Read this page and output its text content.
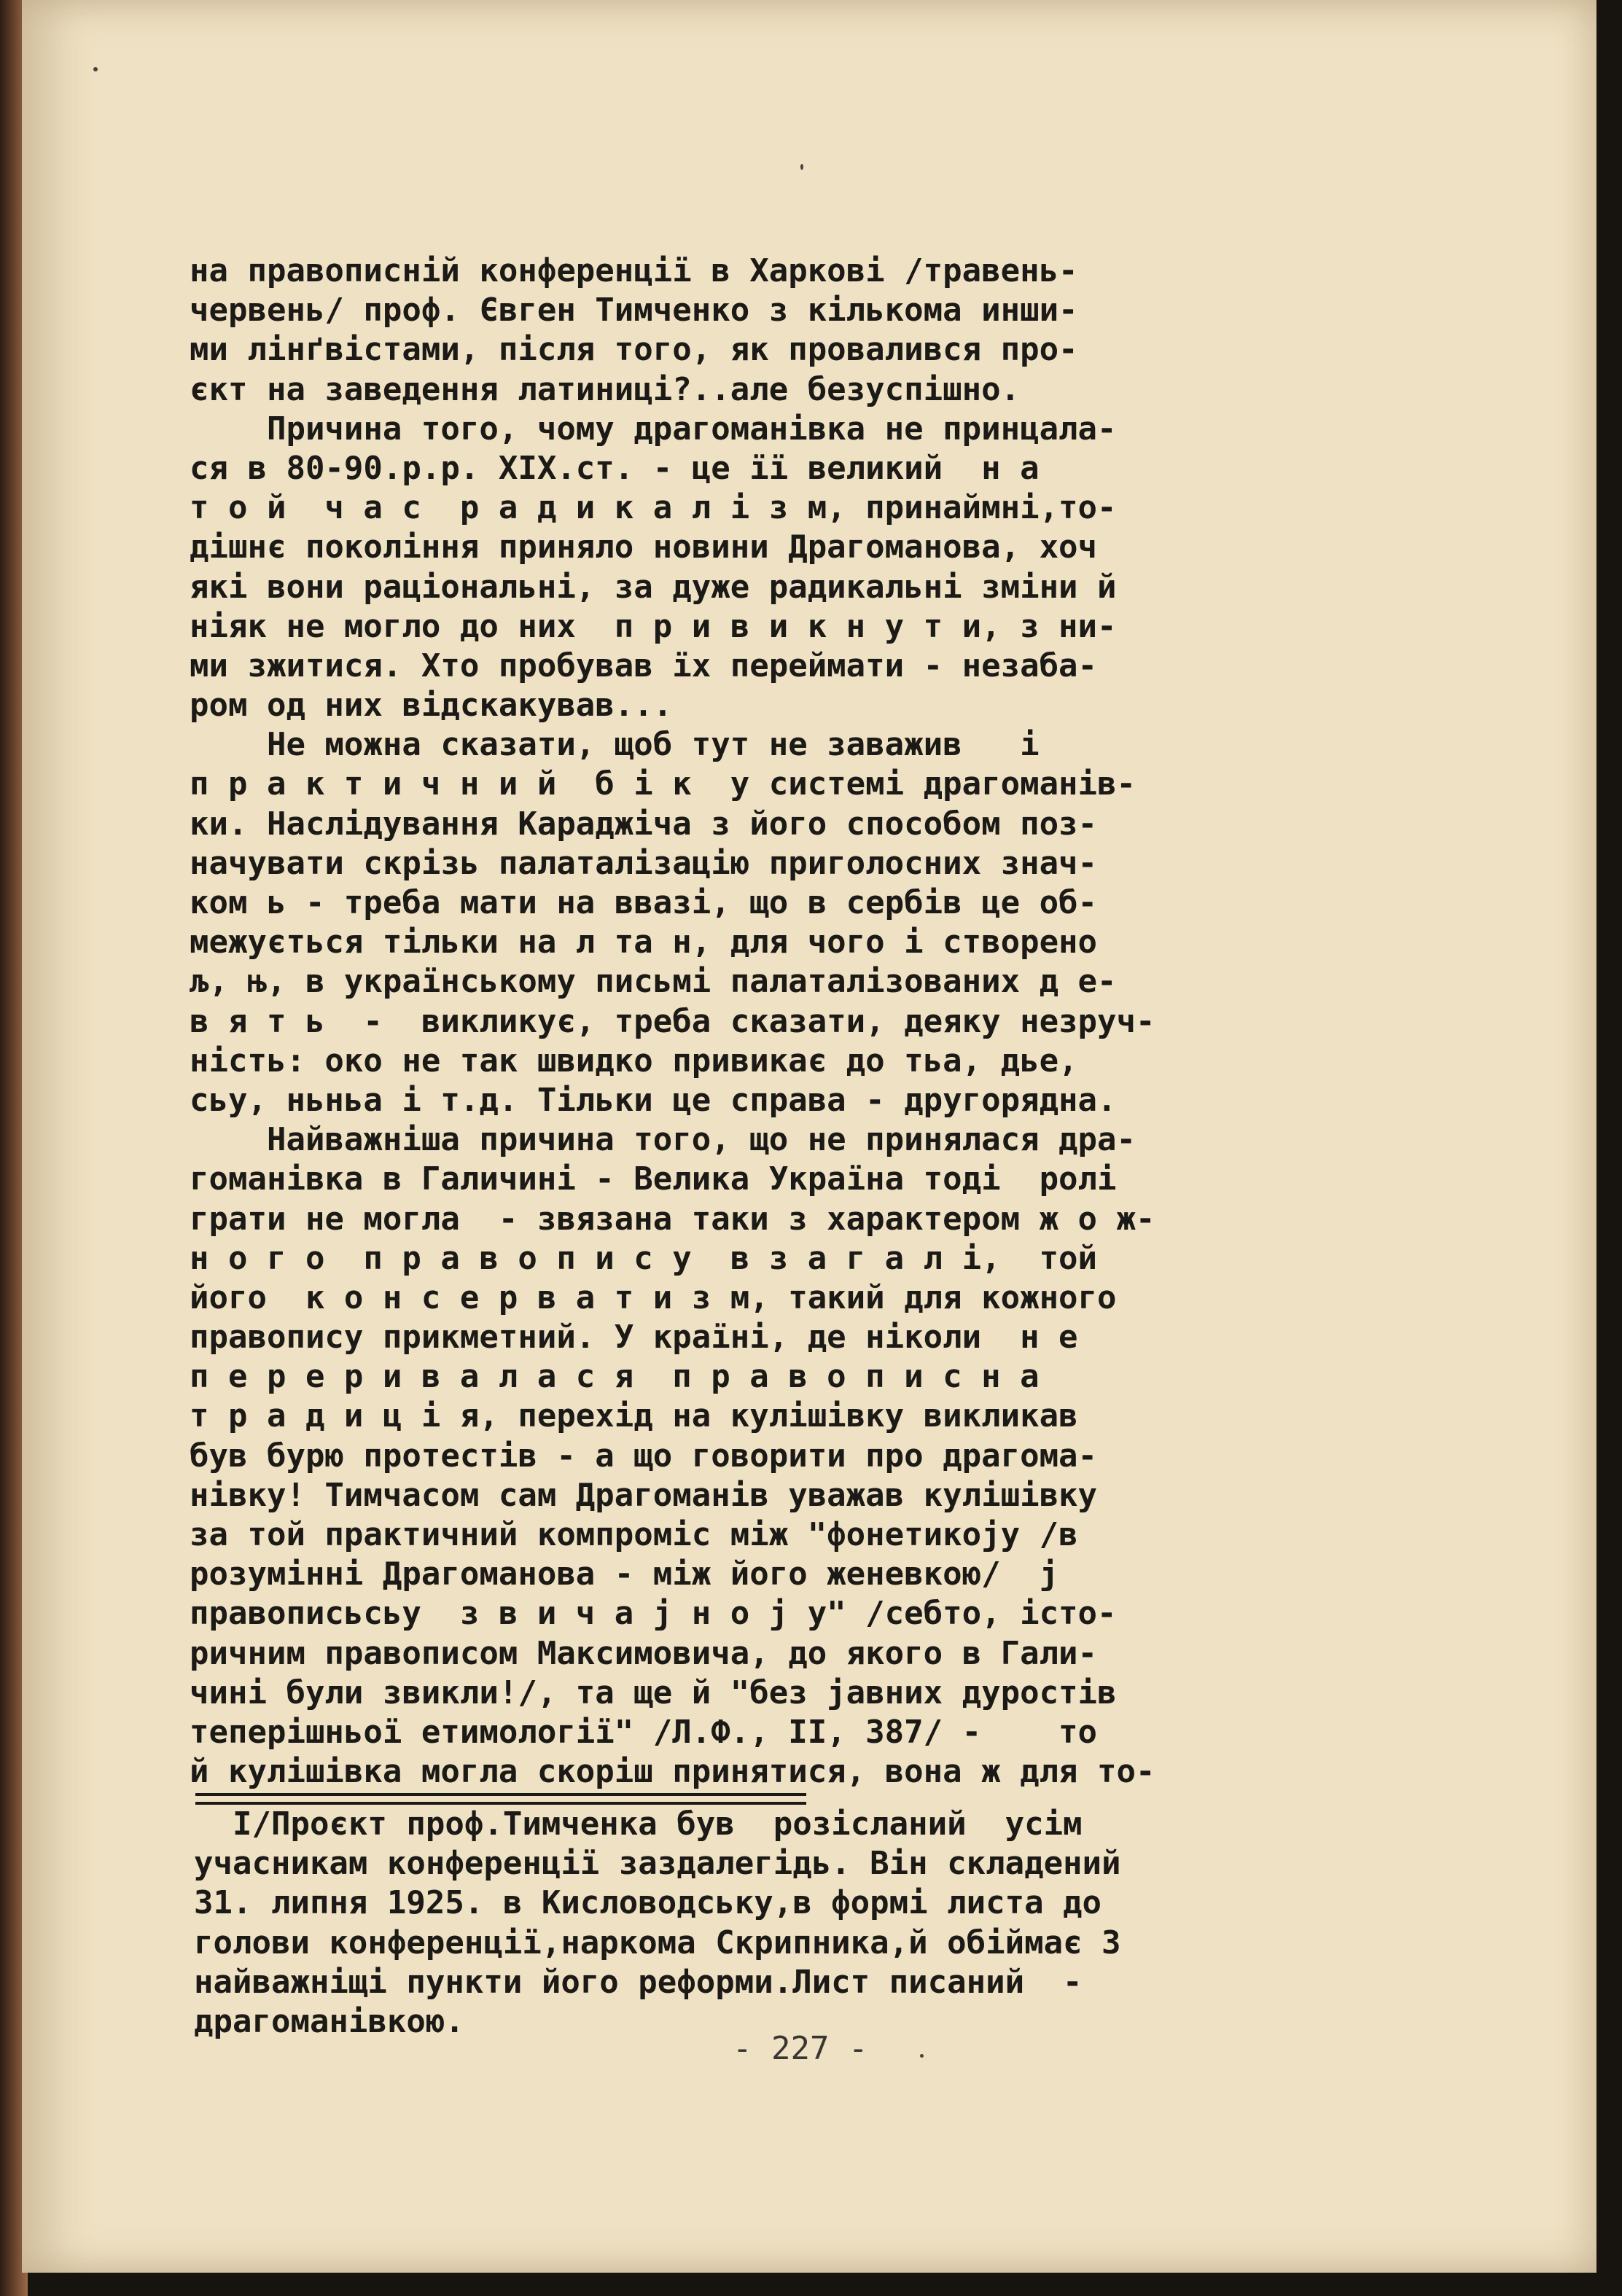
на правописній конференції в Харкові /травень-
червень/ проф. Євген Тимченко з кількома инши-
ми лінґвістами, після того, як провалився про-
єкт на заведення латиниці?..але безуспішно.
Причина того, чому драгоманівка не принцала-
ся в 80-90.р.р. XIX.ст. - це її великий  н а
т о й  ч а с  р а д и к а л і з м, принаймні,то-
дішнє покоління приняло новини Драгоманова, хоч
які вони раціональні, за дуже радикальні зміни й
ніяк не могло до них  п р и в и к н у т и, з ни-
ми зжитися. Хто пробував їх переймати - незаба-
ром од них відскакував...
Не можна сказати, щоб тут не заважив   і
п р а к т и ч н и й  б і к  у системі драгоманів-
ки. Наслідування Караджіча з його способом поз-
начувати скрізь палаталізацію приголосних знач-
ком ь - треба мати на ввазі, що в сербів це об-
межується тільки на л та н, для чого і створено
љ, њ, в українському письмі палаталізованих д е-
в я т ь  -  викликує, треба сказати, деяку незруч-
ність: око не так швидко привикає до тьа, дье,
сьу, ньньа і т.д. Тільки це справа - другорядна.
Найважніша причина того, що не принялася дра-
гоманівка в Галичині - Велика Україна тоді  ролі
грати не могла  - звязана таки з характером ж о ж-
н о г о  п р а в о п и с у  в з а г а л і,  той
його  к о н с е р в а т и з м, такий для кожного
правопису прикметний. У країні, де ніколи  н е
п е р е р и в а л а с я  п р а в о п и с н а
т р а д и ц і я, перехід на кулішівку викликав
був бурю протестів - а що говорити про драгома-
нівку! Тимчасом сам Драгоманів уважав кулішівку
за той практичний компроміс між "фонетикоју /в
розумінні Драгоманова - між його женевкою/  ј
правописьсьу  з в и ч а ј н о ј у" /себто, істо-
ричним правописом Максимовича, до якого в Гали-
чині були звикли!/, та ще й "без јавних дуростів
теперішньої етимології" /Л.Ф., II, 387/ -    то
й кулішівка могла скоріш принятися, вона ж для то-
I/Проєкт проф.Тимченка був  розісланий  усім
учасникам конференції заздалегідь. Він складений
31. липня 1925. в Кисловодську,в формі листа до
голови конференції,наркома Скрипника,й обіймає 3
найважніщі пункти його реформи.Лист писаний  -
драгоманівкою.
- 227 -
